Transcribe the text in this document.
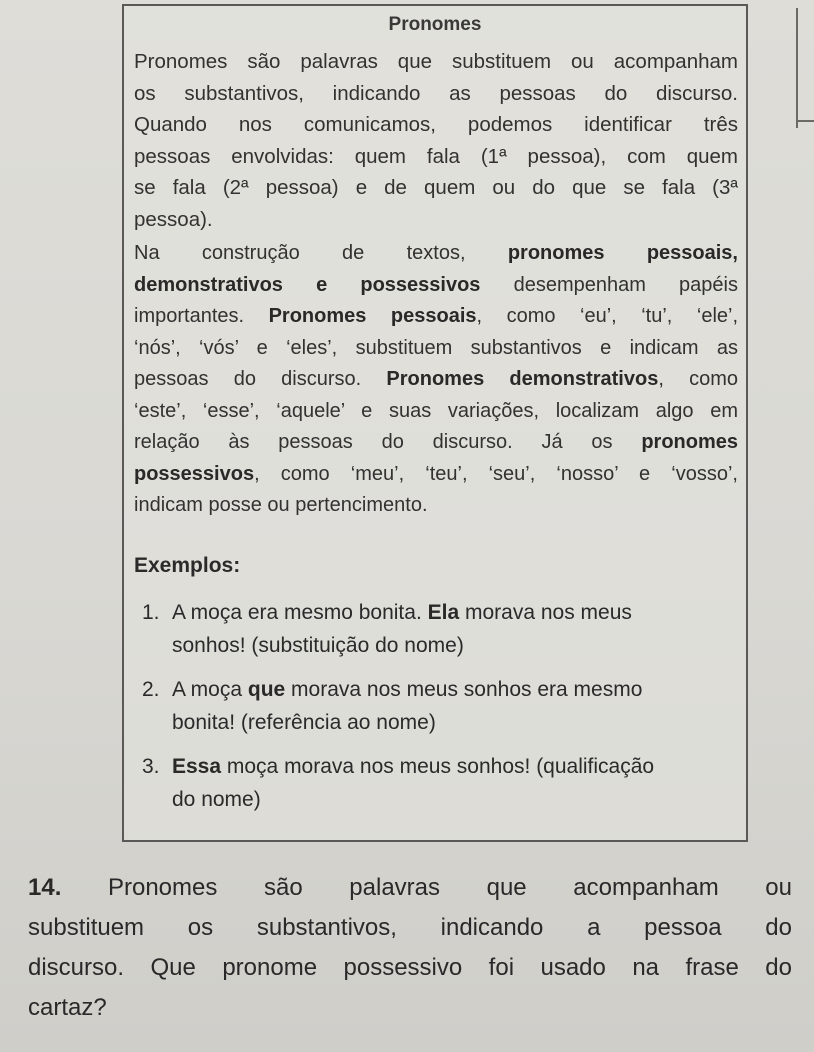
Pronomes
Pronomes são palavras que substituem ou acompanham
os substantivos, indicando as pessoas do discurso.
Quando nos comunicamos, podemos identificar três
pessoas envolvidas: quem fala (1ª pessoa), com quem
se fala (2ª pessoa) e de quem ou do que se fala (3ª
pessoa).
Na construção de textos, pronomes pessoais,
demonstrativos e possessivos desempenham papéis
importantes. Pronomes pessoais, como ‘eu’, ‘tu’, ‘ele’,
‘nós’, ‘vós’ e ‘eles’, substituem substantivos e indicam as
pessoas do discurso. Pronomes demonstrativos, como
‘este’, ‘esse’, ‘aquele’ e suas variações, localizam algo em
relação às pessoas do discurso. Já os pronomes
possessivos, como ‘meu’, ‘teu’, ‘seu’, ‘nosso’ e ‘vosso’,
indicam posse ou pertencimento.
Exemplos:
1. A moça era mesmo bonita. Ela morava nos meus
sonhos! (substituição do nome)
2. A moça que morava nos meus sonhos era mesmo
bonita! (referência ao nome)
3. Essa moça morava nos meus sonhos! (qualificação
do nome)
14. Pronomes são palavras que acompanham ou
substituem os substantivos, indicando a pessoa do
discurso. Que pronome possessivo foi usado na frase do
cartaz?
